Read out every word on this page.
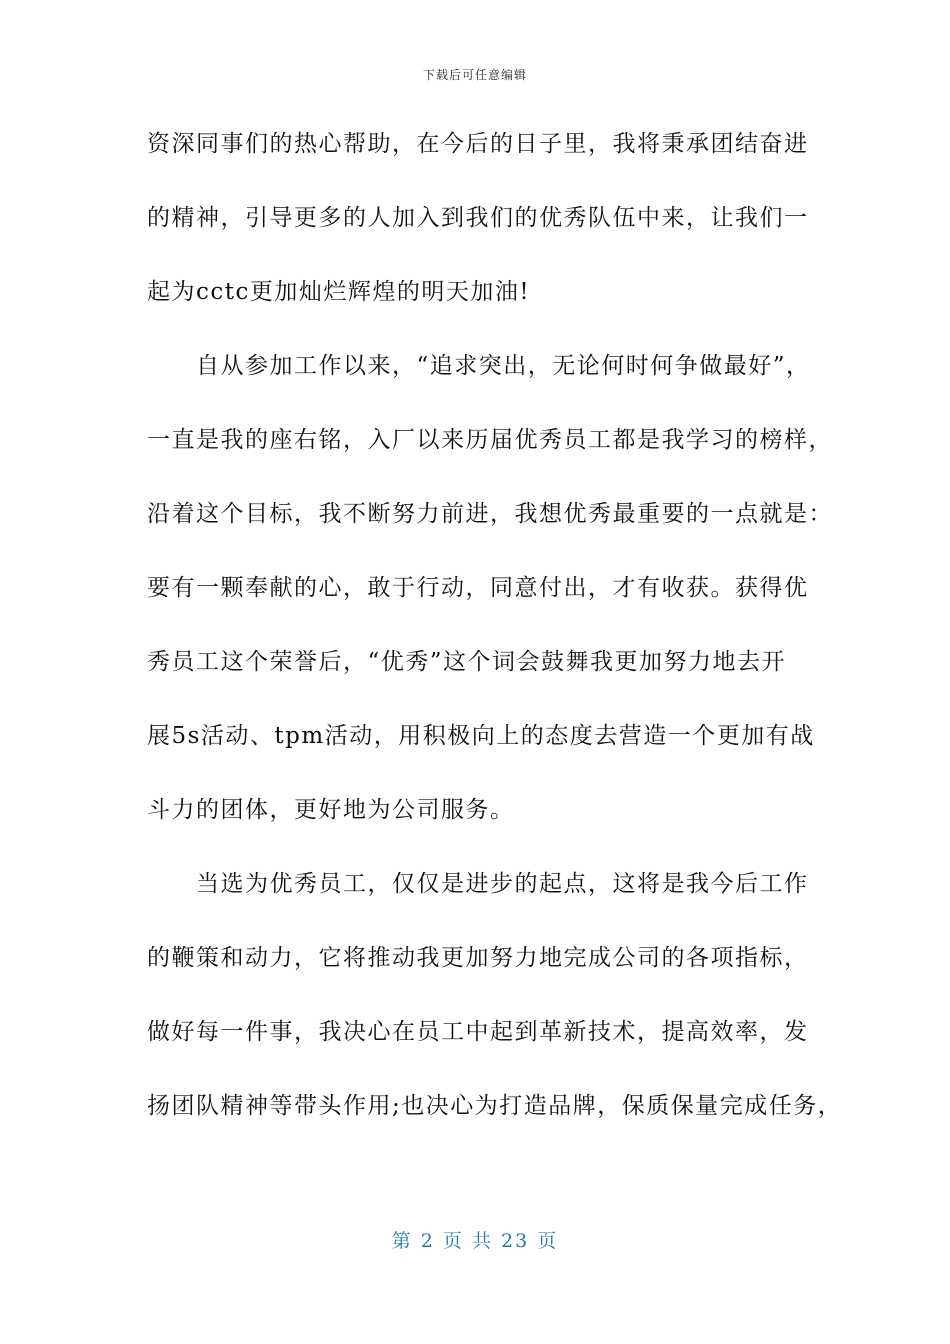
下载后可任意编辑
资深同事们的热心帮助，在今后的日子里，我将秉承团结奋进
的精神，引导更多的人加入到我们的优秀队伍中来，让我们一
起为cctc更加灿烂辉煌的明天加油!
　　自从参加工作以来，“追求突出，无论何时何争做最好”，
一直是我的座右铭，入厂以来历届优秀员工都是我学习的榜样，
沿着这个目标，我不断努力前进，我想优秀最重要的一点就是：
要有一颗奉献的心，敢于行动，同意付出，才有收获。获得优
秀员工这个荣誉后，“优秀”这个词会鼓舞我更加努力地去开
展5s活动、tpm活动，用积极向上的态度去营造一个更加有战
斗力的团体，更好地为公司服务。
　　当选为优秀员工，仅仅是进步的起点，这将是我今后工作
的鞭策和动力，它将推动我更加努力地完成公司的各项指标，
做好每一件事，我决心在员工中起到革新技术，提高效率，发
扬团队精神等带头作用;也决心为打造品牌，保质保量完成任务，
第 2 页 共 23 页
